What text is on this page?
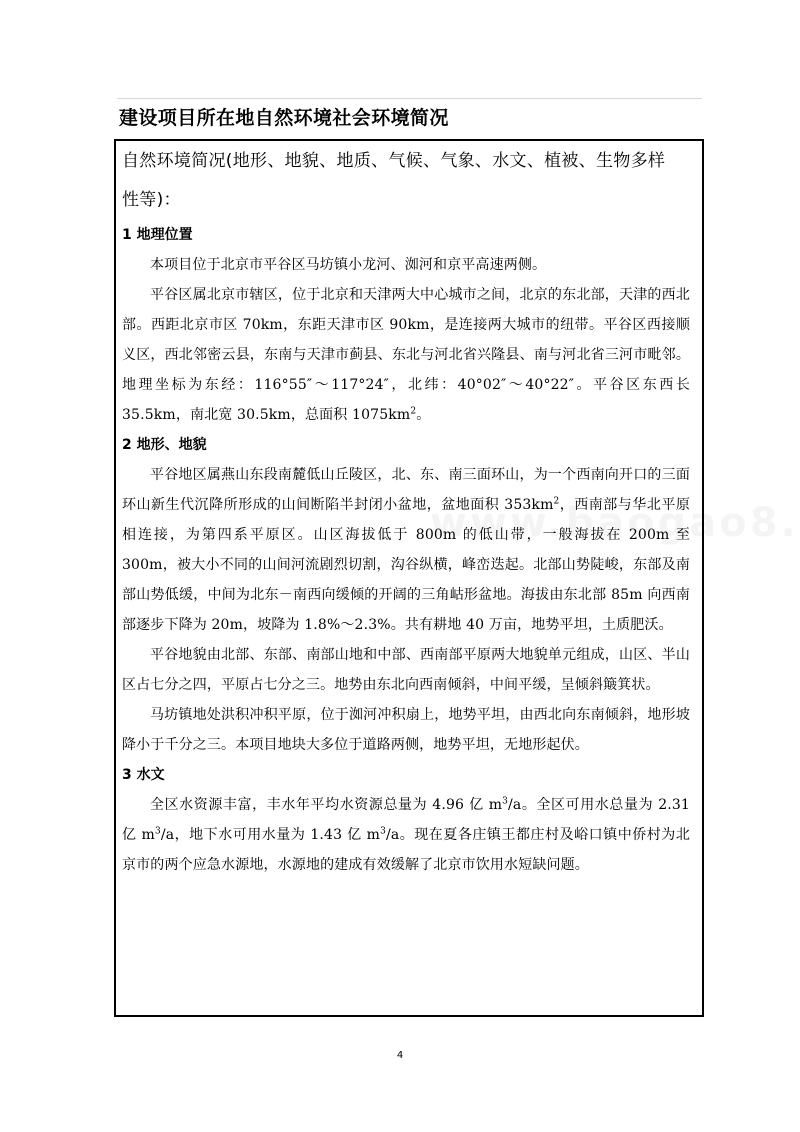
建设项目所在地自然环境社会环境简况

自然环境简况(地形、地貌、地质、气候、气象、水文、植被、生物多样

性等)：

1 地理位置

本项目位于北京市平谷区马坊镇小龙河、洳河和京平高速两侧。

平谷区属北京市辖区，位于北京和天津两大中心城市之间，北京的东北部，天津的西北部。西距北京市区 70km，东距天津市区 90km，是连接两大城市的纽带。平谷区西接顺义区，西北邻密云县，东南与天津市蓟县、东北与河北省兴隆县、南与河北省三河市毗邻。地理坐标为东经：116°55″～117°24″，北纬：40°02″～40°22″。平谷区东西长 35.5km，南北宽 30.5km，总面积 $1075km^2$。

2 地形、地貌

平谷地区属燕山东段南麓低山丘陵区，北、东、南三面环山，为一个西南向开口的三面环山新生代沉降所形成的山间断陷半封闭小盆地，盆地面积 $353km^2$，西南部与华北平原相连接，为第四系平原区。山区海拔低于 800m 的低山带，一般海拔在 200m 至 300m，被大小不同的山间河流剧烈切割，沟谷纵横，峰峦迭起。北部山势陡峻，东部及南部山势低缓，中间为北东－南西向缓倾的开阔的三角岵形盆地。海拔由东北部 85m 向西南部逐步下降为 20m，坡降为 1.8%～2.3%。共有耕地 40 万亩，地势平坦，土质肥沃。

平谷地貌由北部、东部、南部山地和中部、西南部平原两大地貌单元组成，山区、半山区占七分之四，平原占七分之三。地势由东北向西南倾斜，中间平缓，呈倾斜簸箕状。

马坊镇地处洪积冲积平原，位于洳河冲积扇上，地势平坦，由西北向东南倾斜，地形坡降小于千分之三。本项目地块大多位于道路两侧，地势平坦，无地形起伏。

3 水文

全区水资源丰富，丰水年平均水资源总量为 4.96 亿 $m^3/a$。全区可用水总量为 2.31 亿 $m^3/a$，地下水可用水量为 1.43 亿 $m^3/a$。现在夏各庄镇王都庄村及峪口镇中侨村为北京市的两个应急水源地，水源地的建成有效缓解了北京市饮用水短缺问题。

4
